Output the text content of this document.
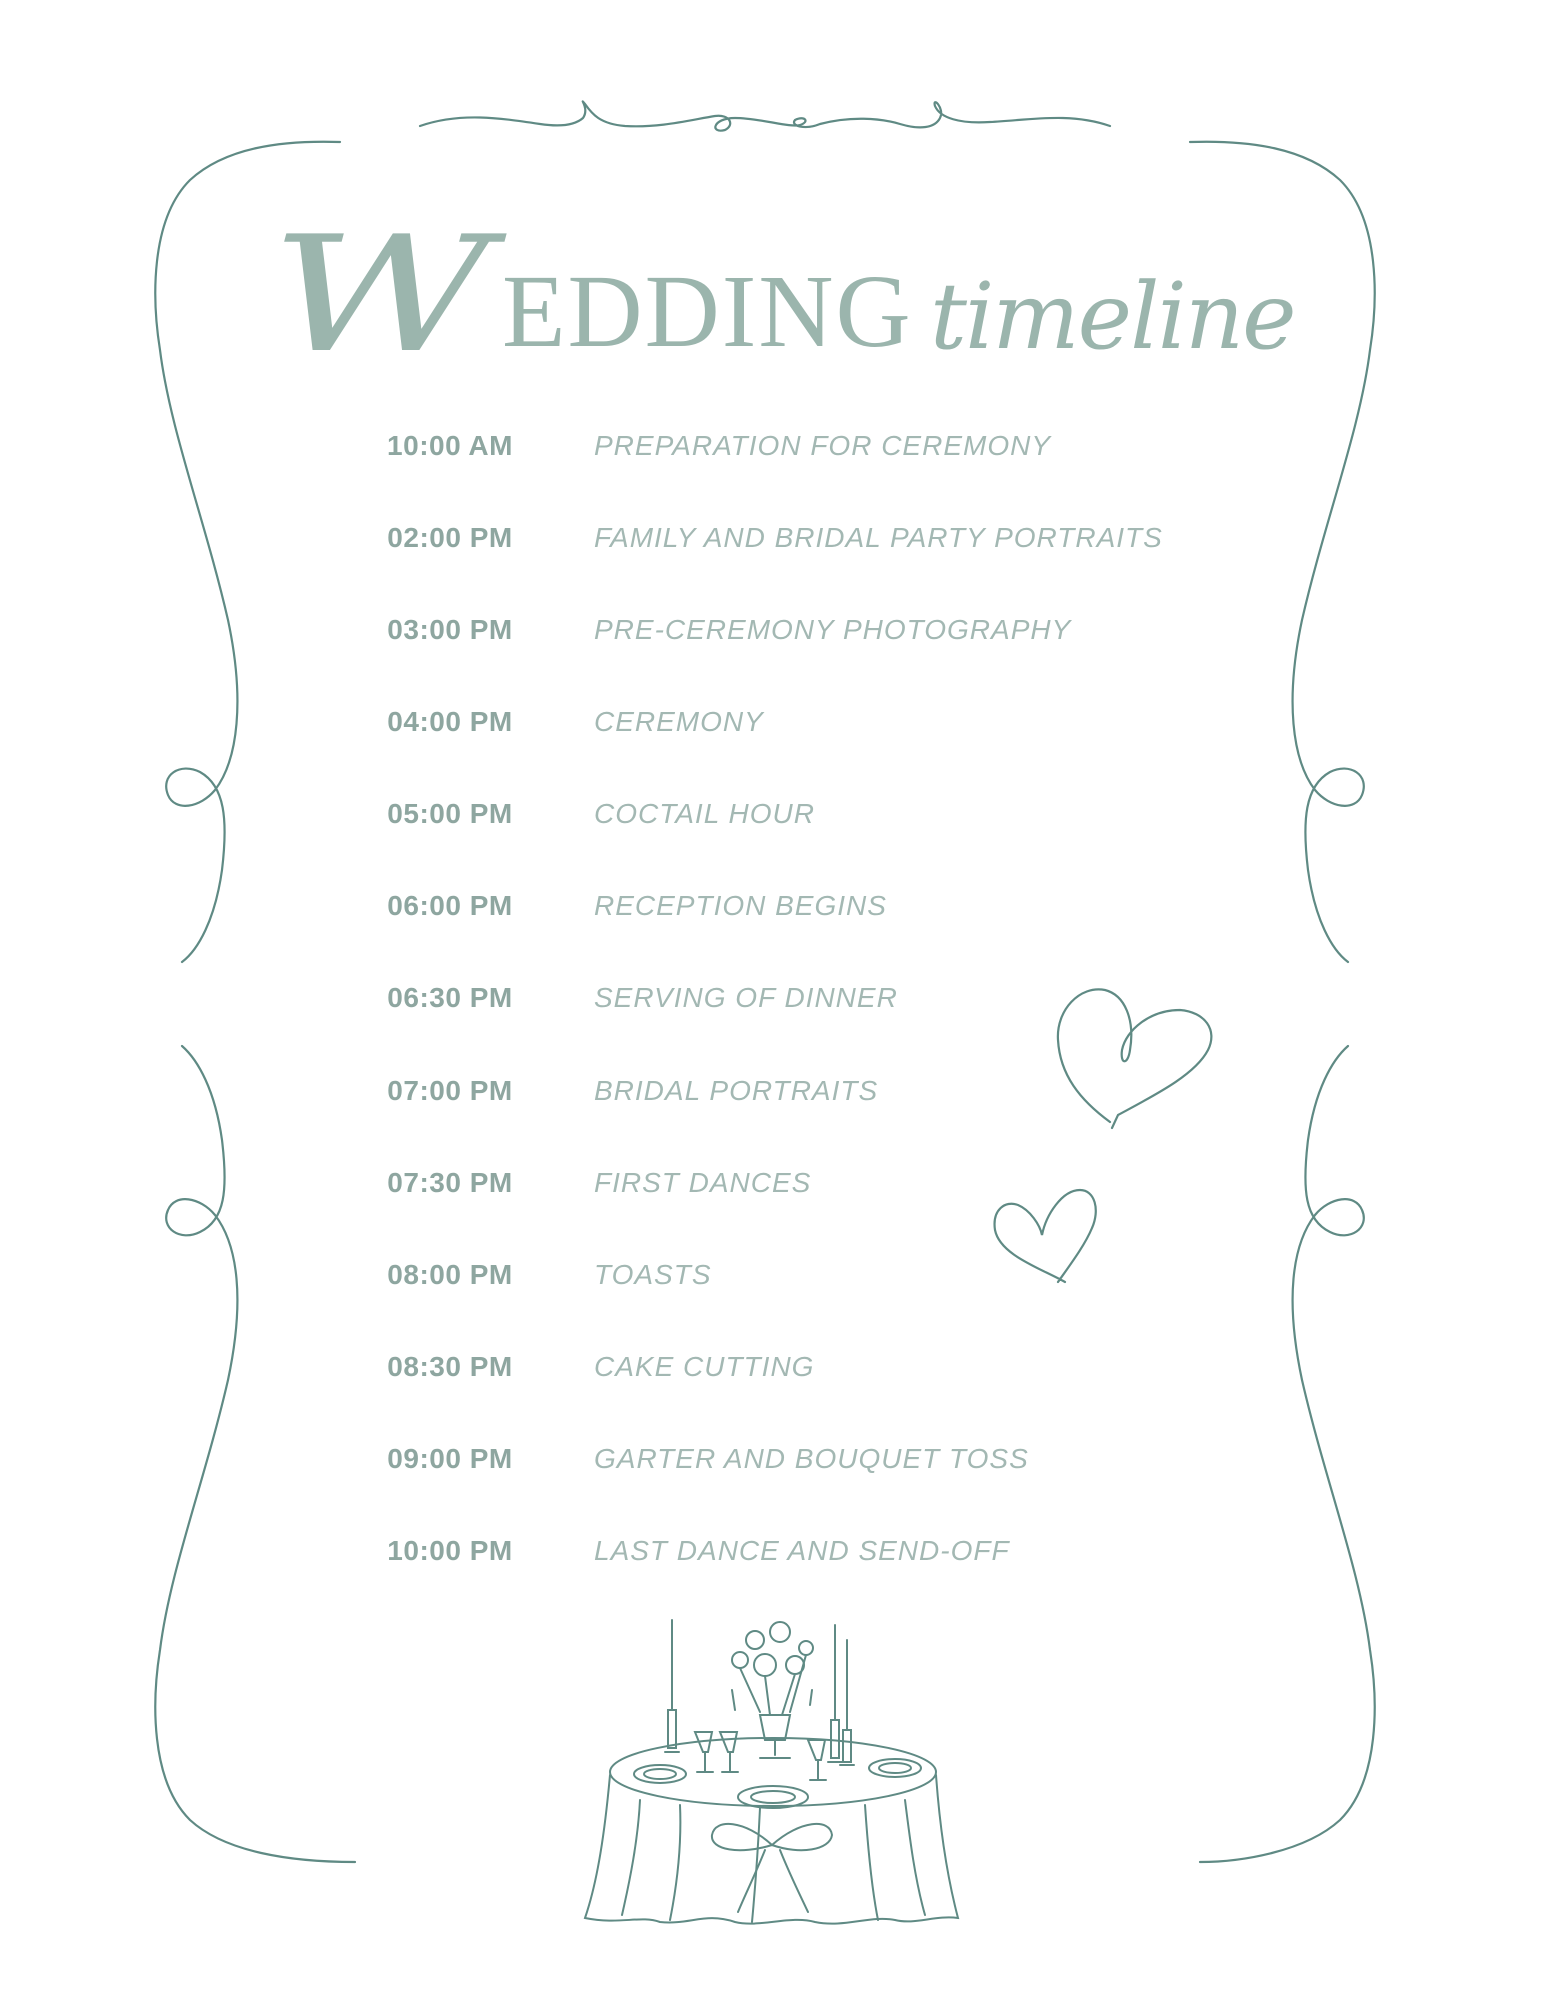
W EDDING timeline
10:00 AM	PREPARATION FOR CEREMONY
02:00 PM	FAMILY AND BRIDAL PARTY PORTRAITS
03:00 PM	PRE-CEREMONY PHOTOGRAPHY
04:00 PM	CEREMONY
05:00 PM	COCTAIL HOUR
06:00 PM	RECEPTION BEGINS
06:30 PM	SERVING OF DINNER
07:00 PM	BRIDAL PORTRAITS
07:30 PM	FIRST DANCES
08:00 PM	TOASTS
08:30 PM	CAKE CUTTING
09:00 PM	GARTER AND BOUQUET TOSS
10:00 PM	LAST DANCE AND SEND-OFF
